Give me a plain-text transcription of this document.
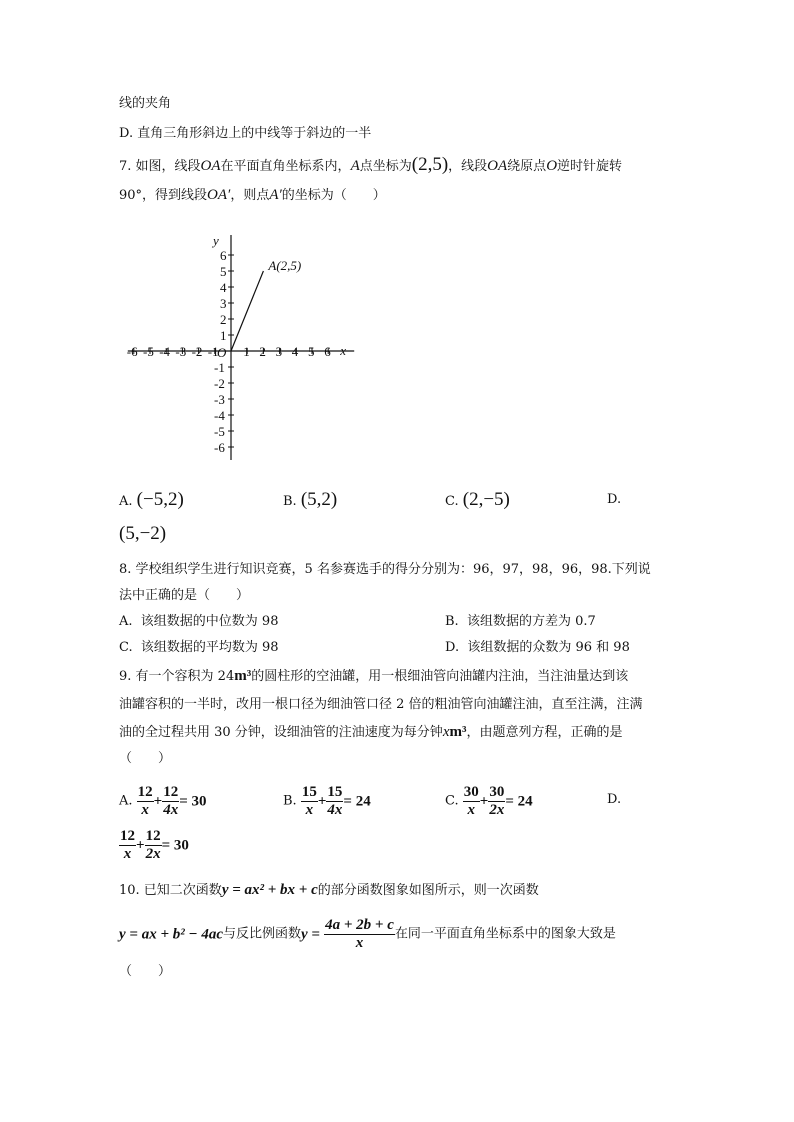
线的夹角
D. 直角三角形斜边上的中线等于斜边的一半
7. 如图，线段OA在平面直角坐标系内，A点坐标为(2,5)，线段OA绕原点O逆时针旋转
90°，得到线段OA′，则点A′的坐标为（　　）
x
y
-6 -5 -4 -3 -2 -1 1 2 3 4 5 6
6
5
4
3
2
1
-1
-2
-3
-4
-5
-6
O
A(2,5)
A. (−5,2)	B. (5,2)	C. (2,−5)	D.
(5,−2)
8. 学校组织学生进行知识竞赛，5 名参赛选手的得分分别为：96，97，98，96，98.下列说
法中正确的是（　　）
A. 该组数据的中位数为 98	B. 该组数据的方差为 0.7
C. 该组数据的平均数为 98	D. 该组数据的众数为 96 和 98
9. 有一个容积为 24m³的圆柱形的空油罐，用一根细油管向油罐内注油，当注油量达到该
油罐容积的一半时，改用一根口径为细油管口径 2 倍的粗油管向油罐注油，直至注满，注满
油的全过程共用 30 分钟，设细油管的注油速度为每分钟xm³，由题意列方程，正确的是
（　　）
A. $\frac{12}{x} + \frac{12}{4x} = 30$	B. $\frac{15}{x} + \frac{15}{4x} = 24$	C. $\frac{30}{x} + \frac{30}{2x} = 24$	D.
$\frac{12}{x} + \frac{12}{2x} = 30$
10. 已知二次函数y = ax² + bx + c的部分函数图象如图所示，则一次函数
y = ax + b² − 4ac与反比例函数$y = \frac{4a + 2b + c}{x}$ 在同一平面直角坐标系中的图象大致是
（　　）
